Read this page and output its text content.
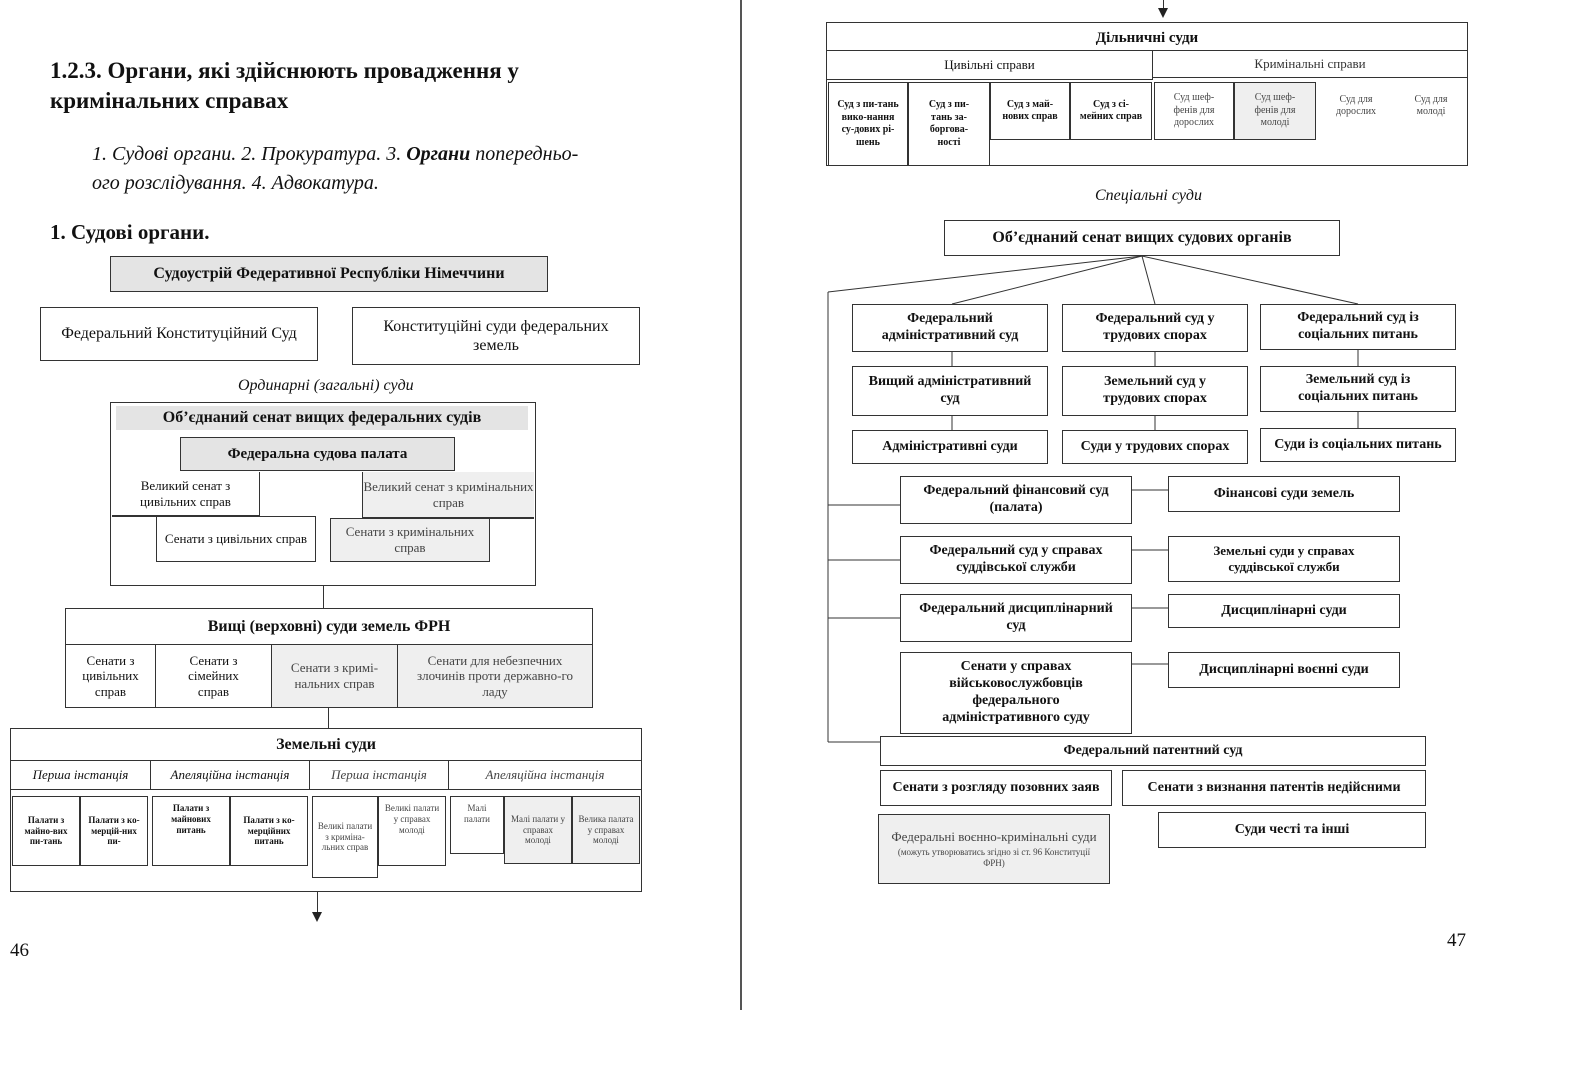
1.2.3. Органи, які здійснюють провадження у
кримінальних справах
1. Судові органи. 2. Прокуратура. 3. Органи попередньо-
ого розслідування. 4. Адвокатура.
1. Судові органи.
Судоустрій Федеративної Республіки Німеччини
Федеральний Конституційний Суд	Конституційні суди федеральних земель
Ординарні (загальні) суди
Об’єднаний сенат вищих федеральних судів
Федеральна судова палата
Великий сенат з цивільних справ
Великий сенат з кримінальних справ
Сенати з цивільних справ	Сенати з кримінальних справ
Вищі (верховні) суди земель ФРН
Сенати з цивільних справ
Сенати з сімейних справ
Сенати з кримі-нальних справ
Сенати для небезпечних злочинів проти державно-го ладу
Земельні суди
Перша інстанція	Апеляційна інстанція	Перша інстанція	Апеляційна інстанція
Палати з майно-вих пи-тань
Палати з ко-мерцій-них пи-
Палати з майнових питань
Палати з ко-мерційних питань
Великі палати з криміна-льних справ
Великі палати у справах молоді
Малі палати	Малі палати у справах молоді
Велика палата у справах молоді
46
Дільничні суди
Цивільні справи	Кримінальні справи
Суд з пи-тань вико-нання су-дових рі-шень
Суд з пи-тань за-боргова-ності
Суд з май-нових справ
Суд з сі-мейних справ
Суд шеф-фенів для дорослих
Суд шеф-фенів для молоді
Суд для дорослих
Суд для молоді
Спеціальні суди
Об’єднаний сенат вищих судових органів
Федеральний адміністративний суд
Федеральний суд у трудових спорах
Федеральний суд із соціальних питань
Вищий адміністративний суд
Земельний суд у трудових спорах
Земельний суд із соціальних питань
Адміністративні суди	Суди у трудових спорах	Суди із соціальних питань
Федеральний фінансовий суд (палата)
Фінансові суди земель
Федеральний суд у справах суддівської служби
Земельні суди у справах суддівської служби
Федеральний дисциплінарний суд
Дисциплінарні суди
Сенати у справах військовослужбовців федерального адміністративного суду
Дисциплінарні воєнні суди
Федеральний патентний суд
Сенати з розгляду позовних заяв	Сенати з визнання патентів недійсними
Федеральні воєнно-кримінальні суди
(можуть утворюватись згідно зі ст. 96 Конституції ФРН)
Суди честі та інші
47
